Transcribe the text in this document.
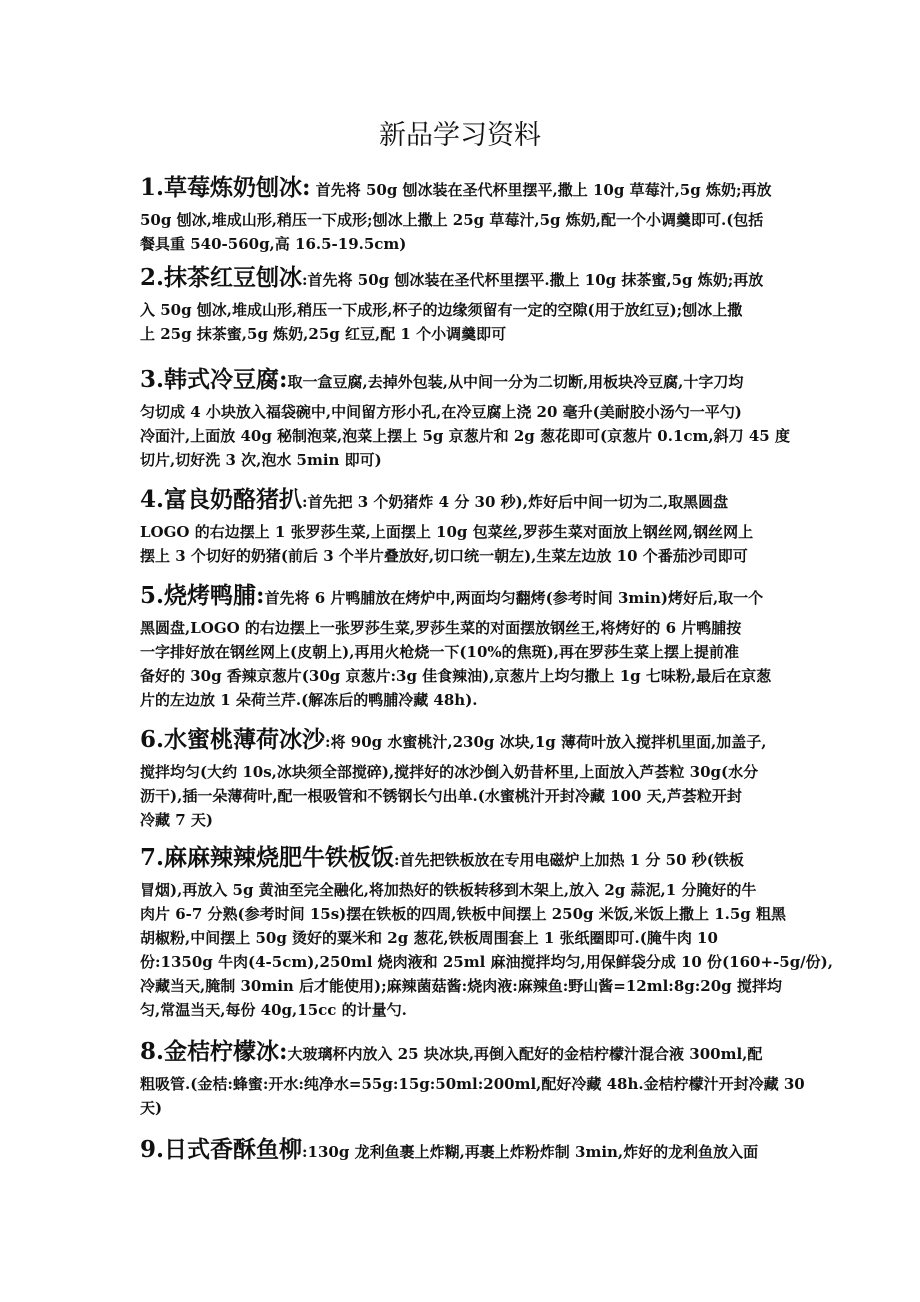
新品学习资料
1.草莓炼奶刨冰: 首先将 50g 刨冰装在圣代杯里摆平,撒上 10g 草莓汁,5g 炼奶;再放
50g 刨冰,堆成山形,稍压一下成形;刨冰上撒上 25g 草莓汁,5g 炼奶,配一个小调羹即可.(包括
餐具重 540-560g,高 16.5-19.5cm)
2.抹茶红豆刨冰:首先将 50g 刨冰装在圣代杯里摆平.撒上 10g 抹茶蜜,5g 炼奶;再放
入 50g 刨冰,堆成山形,稍压一下成形,杯子的边缘须留有一定的空隙(用于放红豆);刨冰上撒
上 25g 抹茶蜜,5g 炼奶,25g 红豆,配 1 个小调羹即可
3.韩式冷豆腐:取一盒豆腐,去掉外包装,从中间一分为二切断,用板块冷豆腐,十字刀均
匀切成 4 小块放入福袋碗中,中间留方形小孔,在冷豆腐上浇 20 毫升(美耐胶小汤勺一平勺)
冷面汁,上面放 40g 秘制泡菜,泡菜上摆上 5g 京葱片和 2g 葱花即可(京葱片 0.1cm,斜刀 45 度
切片,切好洗 3 次,泡水 5min 即可)
4.富良奶酪猪扒:首先把 3 个奶猪炸 4 分 30 秒),炸好后中间一切为二,取黑圆盘
LOGO 的右边摆上 1 张罗莎生菜,上面摆上 10g 包菜丝,罗莎生菜对面放上钢丝网,钢丝网上
摆上 3 个切好的奶猪(前后 3 个半片叠放好,切口统一朝左),生菜左边放 10 个番茄沙司即可
5.烧烤鸭脯:首先将 6 片鸭脯放在烤炉中,两面均匀翻烤(参考时间 3min)烤好后,取一个
黑圆盘,LOGO 的右边摆上一张罗莎生菜,罗莎生菜的对面摆放钢丝王,将烤好的 6 片鸭脯按
一字排好放在钢丝网上(皮朝上),再用火枪烧一下(10%的焦斑),再在罗莎生菜上摆上提前准
备好的 30g 香辣京葱片(30g 京葱片:3g 佳食辣油),京葱片上均匀撒上 1g 七味粉,最后在京葱
片的左边放 1 朵荷兰芹.(解冻后的鸭脯冷藏 48h).
6.水蜜桃薄荷冰沙:将 90g 水蜜桃汁,230g 冰块,1g 薄荷叶放入搅拌机里面,加盖子,
搅拌均匀(大约 10s,冰块须全部搅碎),搅拌好的冰沙倒入奶昔杯里,上面放入芦荟粒 30g(水分
沥干),插一朵薄荷叶,配一根吸管和不锈钢长勺出单.(水蜜桃汁开封冷藏 100 天,芦荟粒开封
冷藏 7 天)
7.麻麻辣辣烧肥牛铁板饭:首先把铁板放在专用电磁炉上加热 1 分 50 秒(铁板
冒烟),再放入 5g 黄油至完全融化,将加热好的铁板转移到木架上,放入 2g 蒜泥,1 分腌好的牛
肉片 6-7 分熟(参考时间 15s)摆在铁板的四周,铁板中间摆上 250g 米饭,米饭上撒上 1.5g 粗黑
胡椒粉,中间摆上 50g 烫好的粟米和 2g 葱花,铁板周围套上 1 张纸圈即可.(腌牛肉 10
份:1350g 牛肉(4-5cm),250ml 烧肉液和 25ml 麻油搅拌均匀,用保鲜袋分成 10 份(160+-5g/份),
冷藏当天,腌制 30min 后才能使用);麻辣菌菇酱:烧肉液:麻辣鱼:野山酱=12ml:8g:20g 搅拌均
匀,常温当天,每份 40g,15cc 的计量勺.
8.金桔柠檬冰:大玻璃杯内放入 25 块冰块,再倒入配好的金桔柠檬汁混合液 300ml,配
粗吸管.(金桔:蜂蜜:开水:纯净水=55g:15g:50ml:200ml,配好冷藏 48h.金桔柠檬汁开封冷藏 30
天)
9.日式香酥鱼柳:130g 龙利鱼裹上炸糊,再裹上炸粉炸制 3min,炸好的龙利鱼放入面
